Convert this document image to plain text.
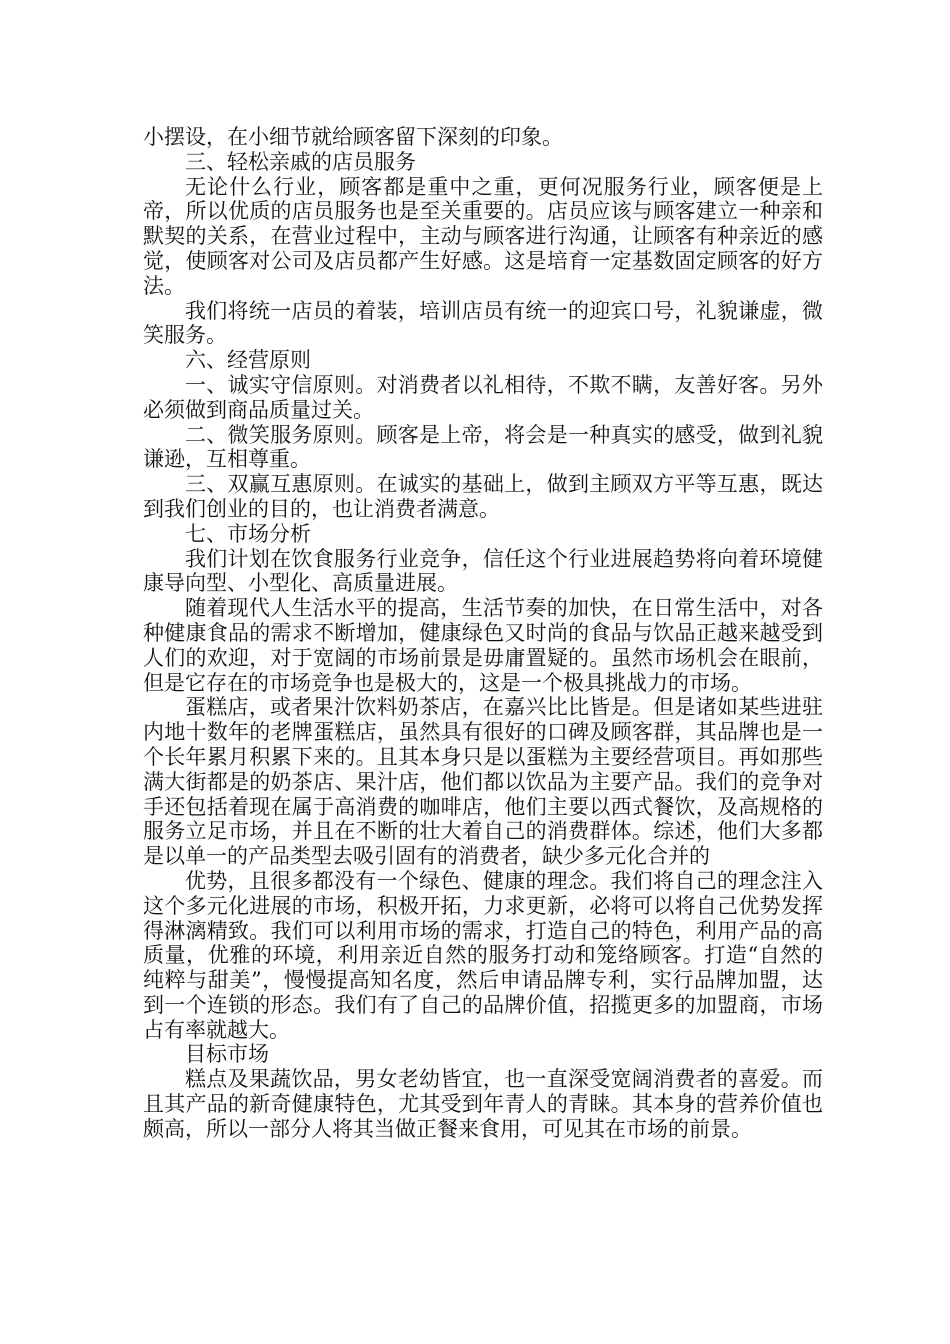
小摆设，在小细节就给顾客留下深刻的印象。

三、轻松亲戚的店员服务

无论什么行业，顾客都是重中之重，更何况服务行业，顾客便是上帝，所以优质的店员服务也是至关重要的。店员应该与顾客建立一种亲和默契的关系，在营业过程中，主动与顾客进行沟通，让顾客有种亲近的感觉，使顾客对公司及店员都产生好感。这是培育一定基数固定顾客的好方法。

我们将统一店员的着装，培训店员有统一的迎宾口号，礼貌谦虚，微笑服务。

六、经营原则

一、诚实守信原则。对消费者以礼相待，不欺不瞒，友善好客。另外必须做到商品质量过关。

二、微笑服务原则。顾客是上帝，将会是一种真实的感受，做到礼貌谦逊，互相尊重。

三、双赢互惠原则。在诚实的基础上，做到主顾双方平等互惠，既达到我们创业的目的，也让消费者满意。

七、市场分析

我们计划在饮食服务行业竞争，信任这个行业进展趋势将向着环境健康导向型、小型化、高质量进展。

随着现代人生活水平的提高，生活节奏的加快，在日常生活中，对各种健康食品的需求不断增加，健康绿色又时尚的食品与饮品正越来越受到人们的欢迎，对于宽阔的市场前景是毋庸置疑的。虽然市场机会在眼前，但是它存在的市场竞争也是极大的，这是一个极具挑战力的市场。

蛋糕店，或者果汁饮料奶茶店，在嘉兴比比皆是。但是诸如某些进驻内地十数年的老牌蛋糕店，虽然具有很好的口碑及顾客群，其品牌也是一个长年累月积累下来的。且其本身只是以蛋糕为主要经营项目。再如那些满大街都是的奶茶店、果汁店，他们都以饮品为主要产品。我们的竞争对手还包括着现在属于高消费的咖啡店，他们主要以西式餐饮，及高规格的服务立足市场，并且在不断的壮大着自己的消费群体。综述，他们大多都是以单一的产品类型去吸引固有的消费者，缺少多元化合并的

优势，且很多都没有一个绿色、健康的理念。我们将自己的理念注入这个多元化进展的市场，积极开拓，力求更新，必将可以将自己优势发挥得淋漓精致。我们可以利用市场的需求，打造自己的特色，利用产品的高质量，优雅的环境，利用亲近自然的服务打动和笼络顾客。打造“自然的纯粹与甜美”，慢慢提高知名度，然后申请品牌专利，实行品牌加盟，达到一个连锁的形态。我们有了自己的品牌价值，招揽更多的加盟商，市场占有率就越大。

目标市场

糕点及果蔬饮品，男女老幼皆宜，也一直深受宽阔消费者的喜爱。而且其产品的新奇健康特色，尤其受到年青人的青睐。其本身的营养价值也颇高，所以一部分人将其当做正餐来食用，可见其在市场的前景。
